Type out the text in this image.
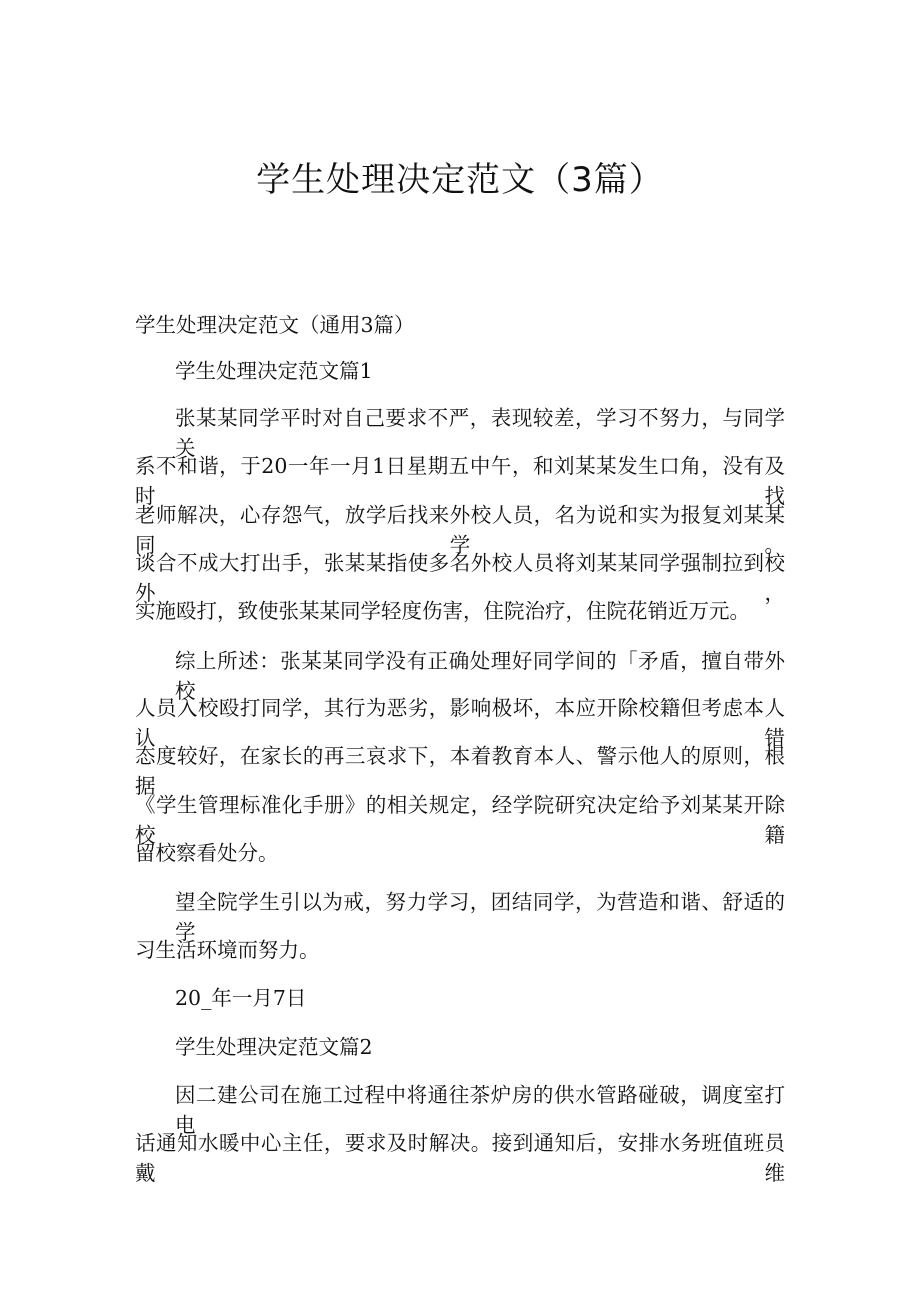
学生处理决定范文（3篇）

学生处理决定范文（通用3篇）

学生处理决定范文篇1

张某某同学平时对自己要求不严，表现较差，学习不努力，与同学关

系不和谐，于20一年一月1日星期五中午，和刘某某发生口角，没有及时找

老师解决，心存怨气，放学后找来外校人员，名为说和实为报复刘某某同学。

谈合不成大打出手，张某某指使多名外校人员将刘某某同学强制拉到校外，

实施殴打，致使张某某同学轻度伤害，住院治疗，住院花销近万元。

综上所述：张某某同学没有正确处理好同学间的「矛盾，擅自带外校

人员入校殴打同学，其行为恶劣，影响极坏，本应开除校籍但考虑本人认错

态度较好，在家长的再三哀求下，本着教育本人、警示他人的原则，根据

《学生管理标准化手册》的相关规定，经学院研究决定给予刘某某开除校籍

留校察看处分。

望全院学生引以为戒，努力学习，团结同学，为营造和谐、舒适的学

习生活环境而努力。

20_年一月7日

学生处理决定范文篇2

因二建公司在施工过程中将通往茶炉房的供水管路碰破，调度室打电

话通知水暖中心主任，要求及时解决。接到通知后，安排水务班值班员戴维
